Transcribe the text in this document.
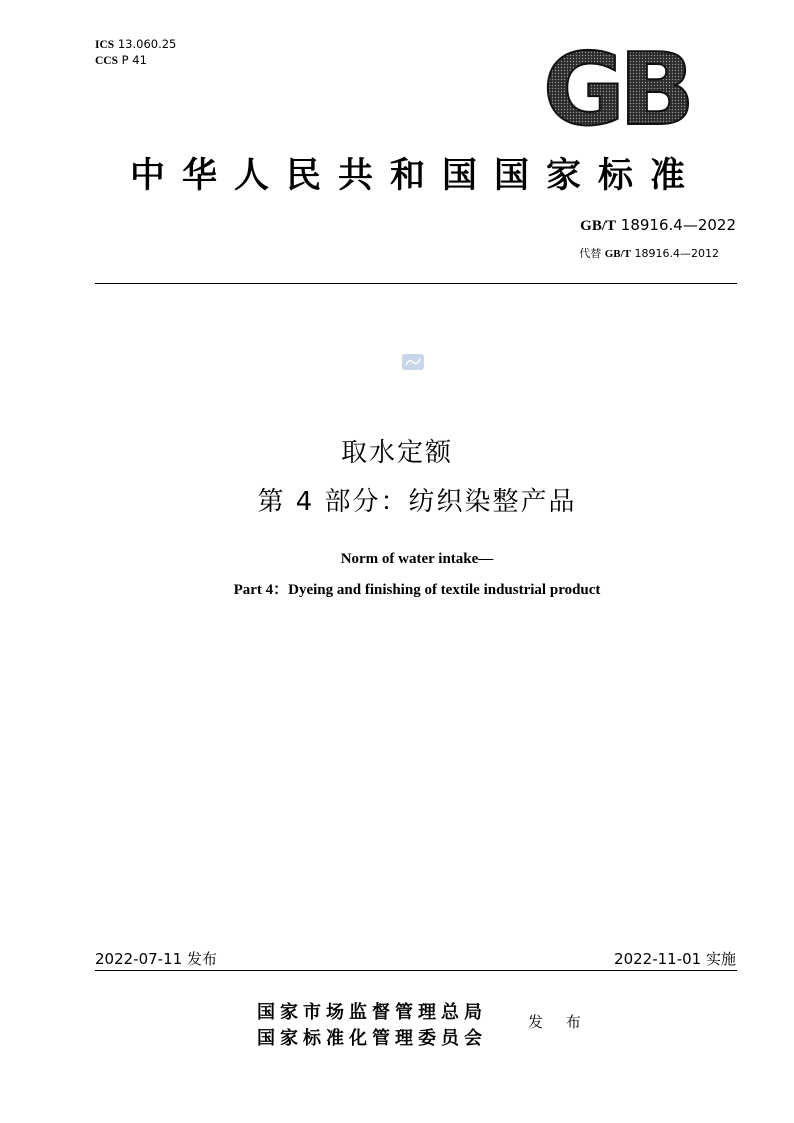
ICS 13.060.25
CCS P 41	GB
中华人民共和国国家标准
GB/T 18916.4—2022
代替 GB/T 18916.4—2012
取水定额
第 4 部分：纺织染整产品
Norm of water intake—
Part 4：Dyeing and finishing of textile industrial product
2022-07-11 发布	2022-11-01 实施
国家市场监督管理总局
国家标准化管理委员会
发 布
